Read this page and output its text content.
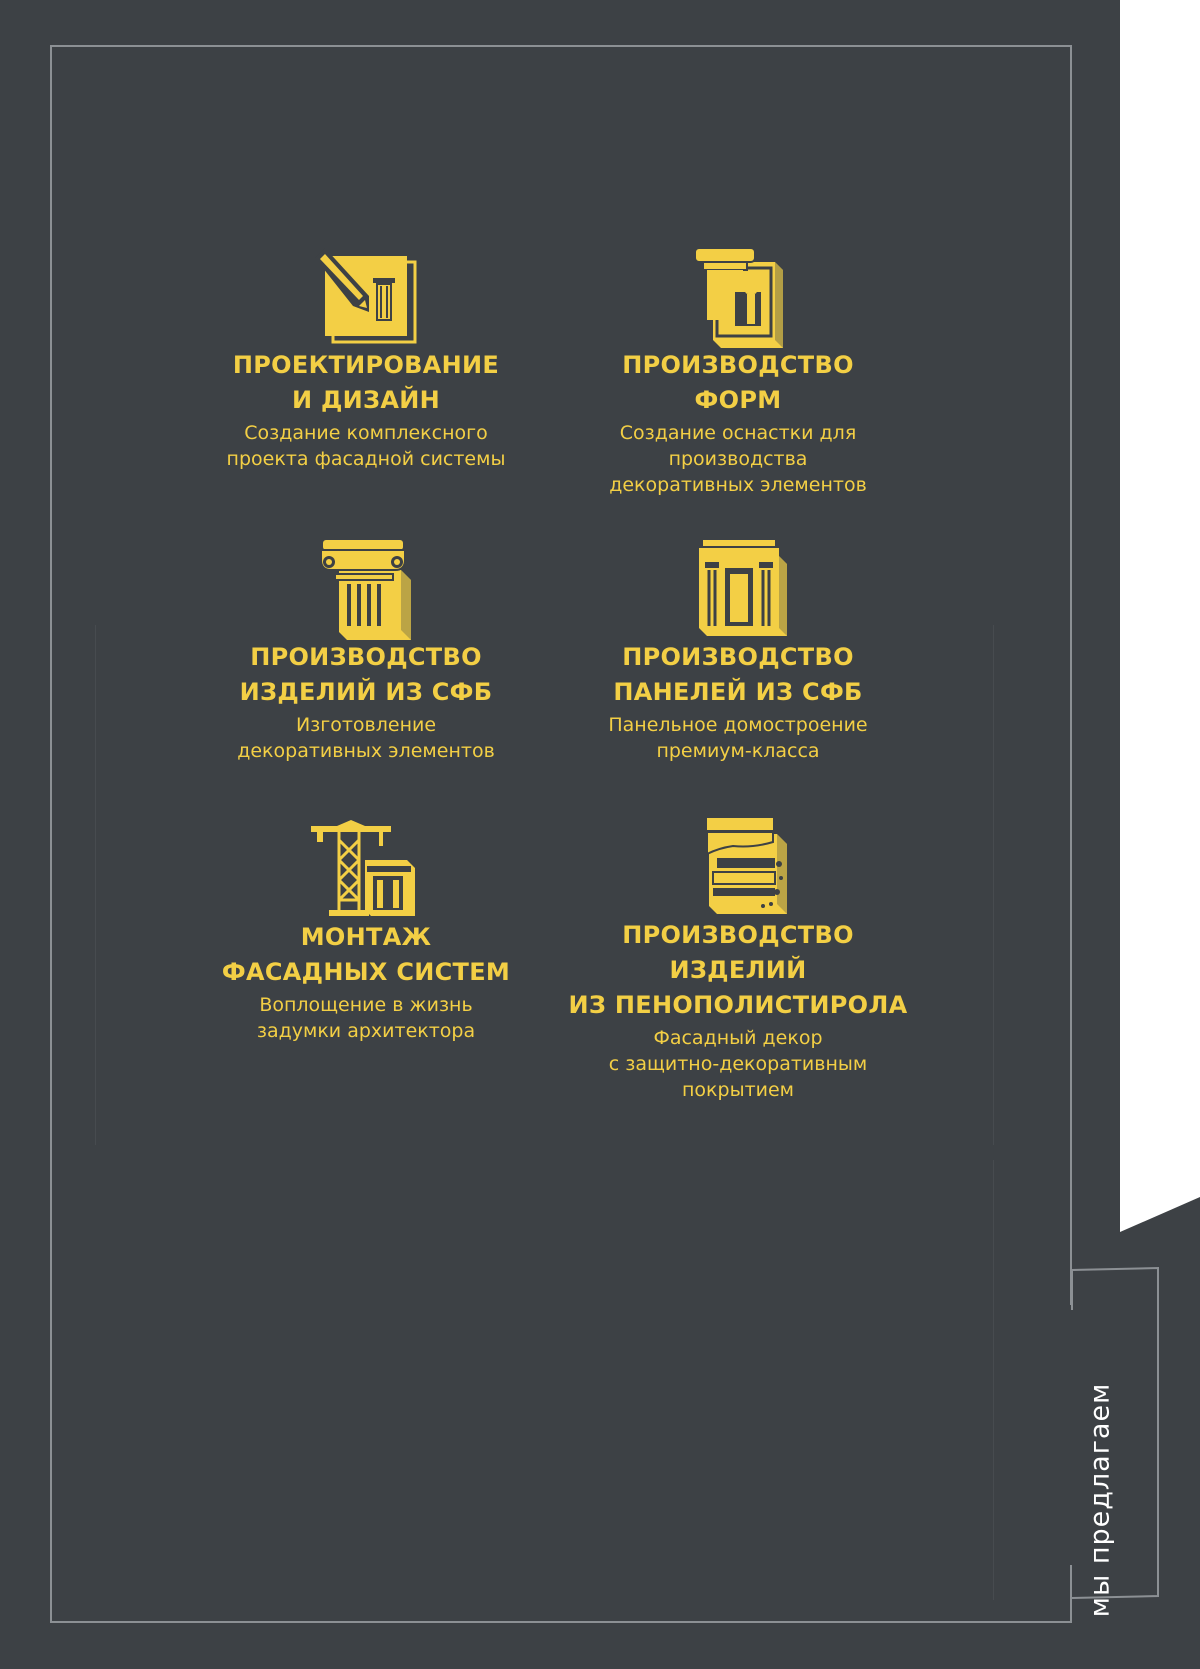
ПРОЕКТИРОВАНИЕ
И ДИЗАЙН

Создание комплексного
проекта фасадной системы

ПРОИЗВОДСТВО
ФОРМ

Создание оснастки для
производства
декоративных элементов

ПРОИЗВОДСТВО
ИЗДЕЛИЙ ИЗ СФБ

Изготовление
декоративных элементов

ПРОИЗВОДСТВО
ПАНЕЛЕЙ ИЗ СФБ

Панельное домостроение
премиум-класса

МОНТАЖ
ФАСАДНЫХ СИСТЕМ

Воплощение в жизнь
задумки архитектора

ПРОИЗВОДСТВО
ИЗДЕЛИЙ
ИЗ ПЕНОПОЛИСТИРОЛА

Фасадный декор
с защитно-декоративным
покрытием

мы предлагаем
